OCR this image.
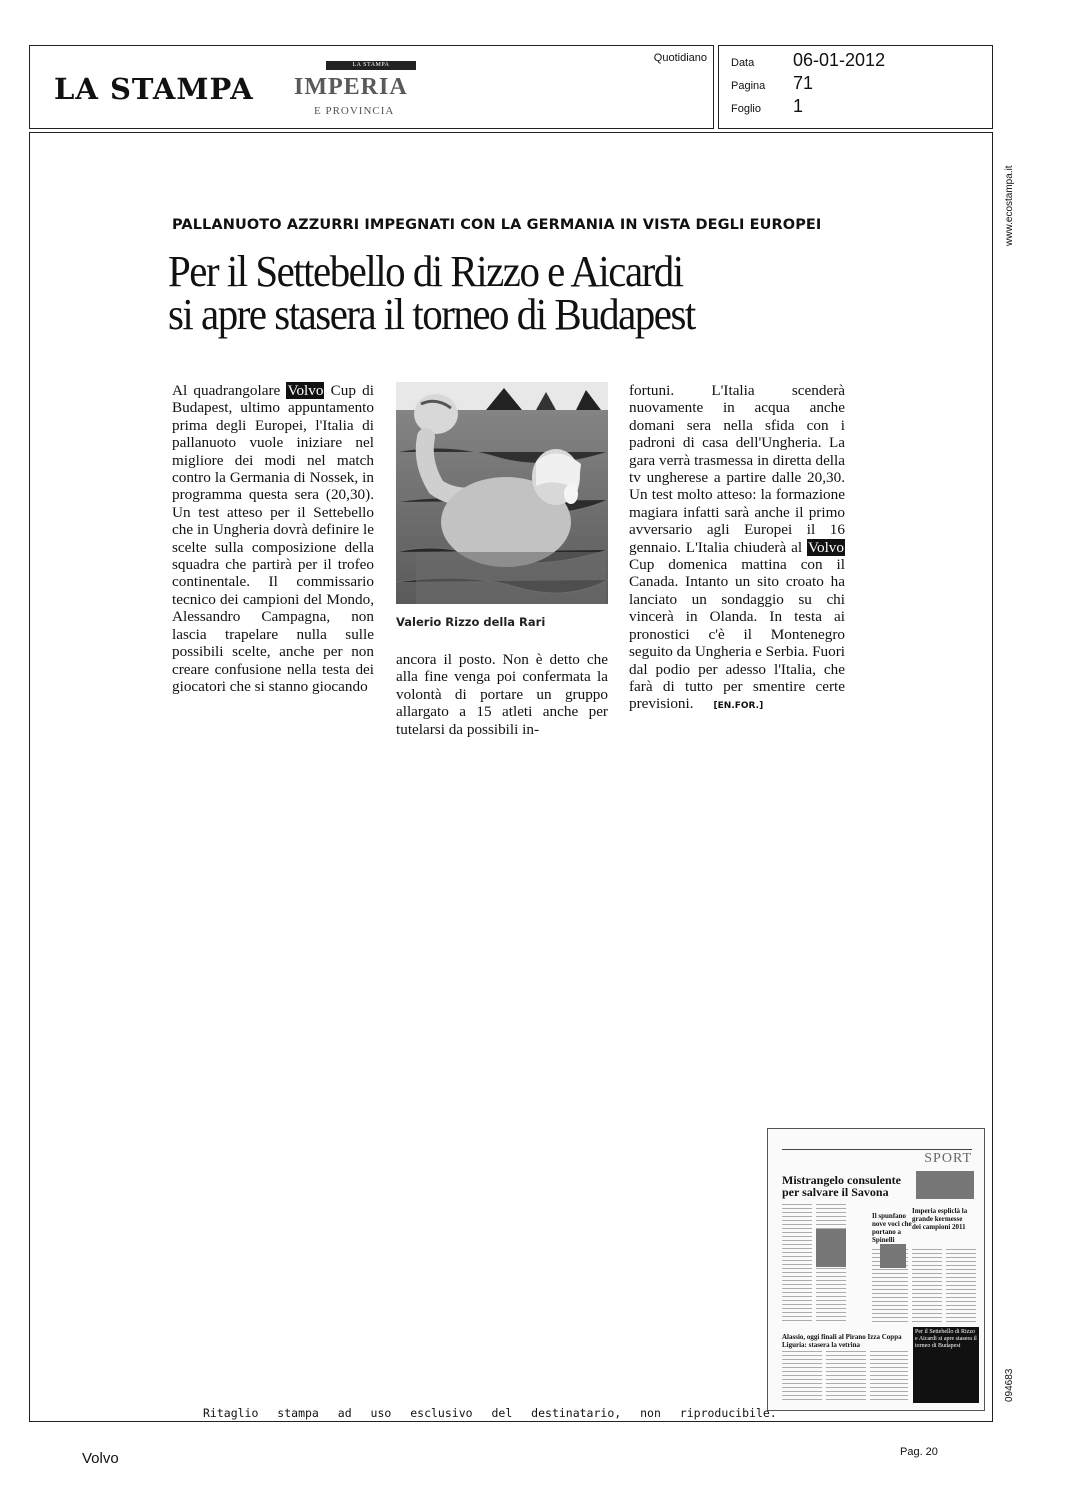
LA STAMPA
LA STAMPA
IMPERIA
E PROVINCIA
Quotidiano Data 06-01-2012
Pagina 71
Foglio 1
www.ecostampa.it
PALLANUOTO AZZURRI IMPEGNATI CON LA GERMANIA IN VISTA DEGLI EUROPEI
Per il Settebello di Rizzo e Aicardi
si apre stasera il torneo di Budapest

Al quadrangolare Volvo Cup di Budapest, ultimo appuntamento prima degli Europei, l'Italia di pallanuoto vuole iniziare nel migliore dei modi nel match contro la Germania di Nossek, in programma questa sera (20,30). Un test atteso per il Settebello che in Ungheria dovrà definire le scelte sulla composizione della squadra che partirà per il trofeo continentale. Il commissario tecnico dei campioni del Mondo, Alessandro Campagna, non lascia trapelare nulla sulle possibili scelte, anche per non creare confusione nella testa dei giocatori che si stanno giocando

Valerio Rizzo della Rari

ancora il posto. Non è detto che alla fine venga poi confermata la volontà di portare un gruppo allargato a 15 atleti anche per tutelarsi da possibili in-

fortuni. L'Italia scenderà nuovamente in acqua anche domani sera nella sfida con i padroni di casa dell'Ungheria. La gara verrà trasmessa in diretta della tv ungherese a partire dalle 20,30. Un test molto atteso: la formazione magiara infatti sarà anche il primo avversario agli Europei il 16 gennaio. L'Italia chiuderà al Volvo Cup domenica mattina con il Canada. Intanto un sito croato ha lanciato un sondaggio su chi vincerà in Olanda. In testa ai pronostici c'è il Montenegro seguito da Ungheria e Serbia. Fuori dal podio per adesso l'Italia, che farà di tutto per smentire certe previsioni. [EN.FOR.]

SPORT
Mistrangelo consulente per salvare il Savona
Il spunfano nove voci che portano a Spinelli
Imperia espliclà la grande kermesse dei campioni 2011
Alassio, oggi finali al Pirano Izza Coppa Liguria: stasera la vetrina
Per il Settebello di Rizzo e Aicardi si apre stasera il torneo di Budapest
094683
Ritaglio stampa ad uso esclusivo del destinatario, non riproducibile.
Volvo	Pag. 20
